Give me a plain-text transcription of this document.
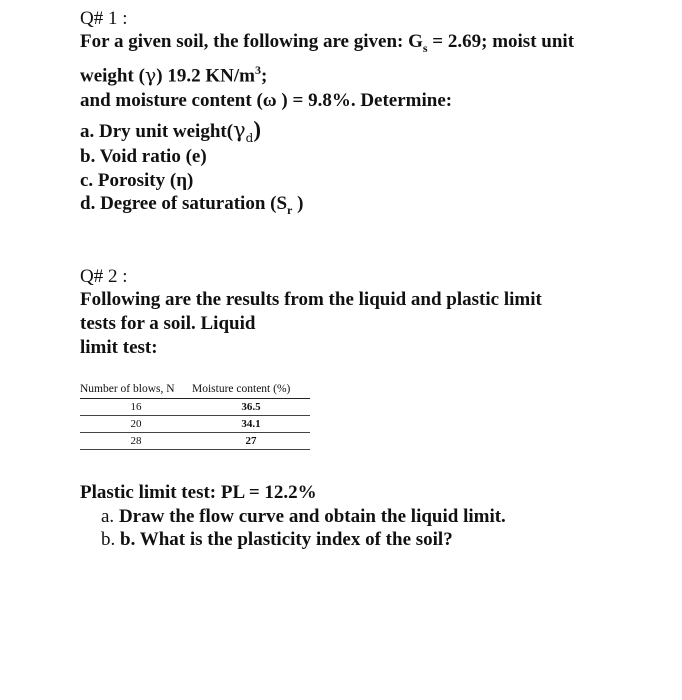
Q# 1 :
For a given soil, the following are given: $G_s = 2.69$; moist unit
weight (γ) 19.2 $KN/m^3$;
and moisture content (ω ) = 9.8%. Determine:
a. Dry unit $weight(\gamma_d)$
b. Void ratio (e)
c. Porosity (η)
d. Degree of saturation ($S_r$ )
Q# 2 :
Following are the results from the liquid and plastic limit
tests for a soil. Liquid
limit test:
Number of blows, N	Moisture content (%)
16	36.5
20	34.1
28	27
Plastic limit test: PL = 12.2%
a. Draw the flow curve and obtain the liquid limit.
b. b. What is the plasticity index of the soil?
